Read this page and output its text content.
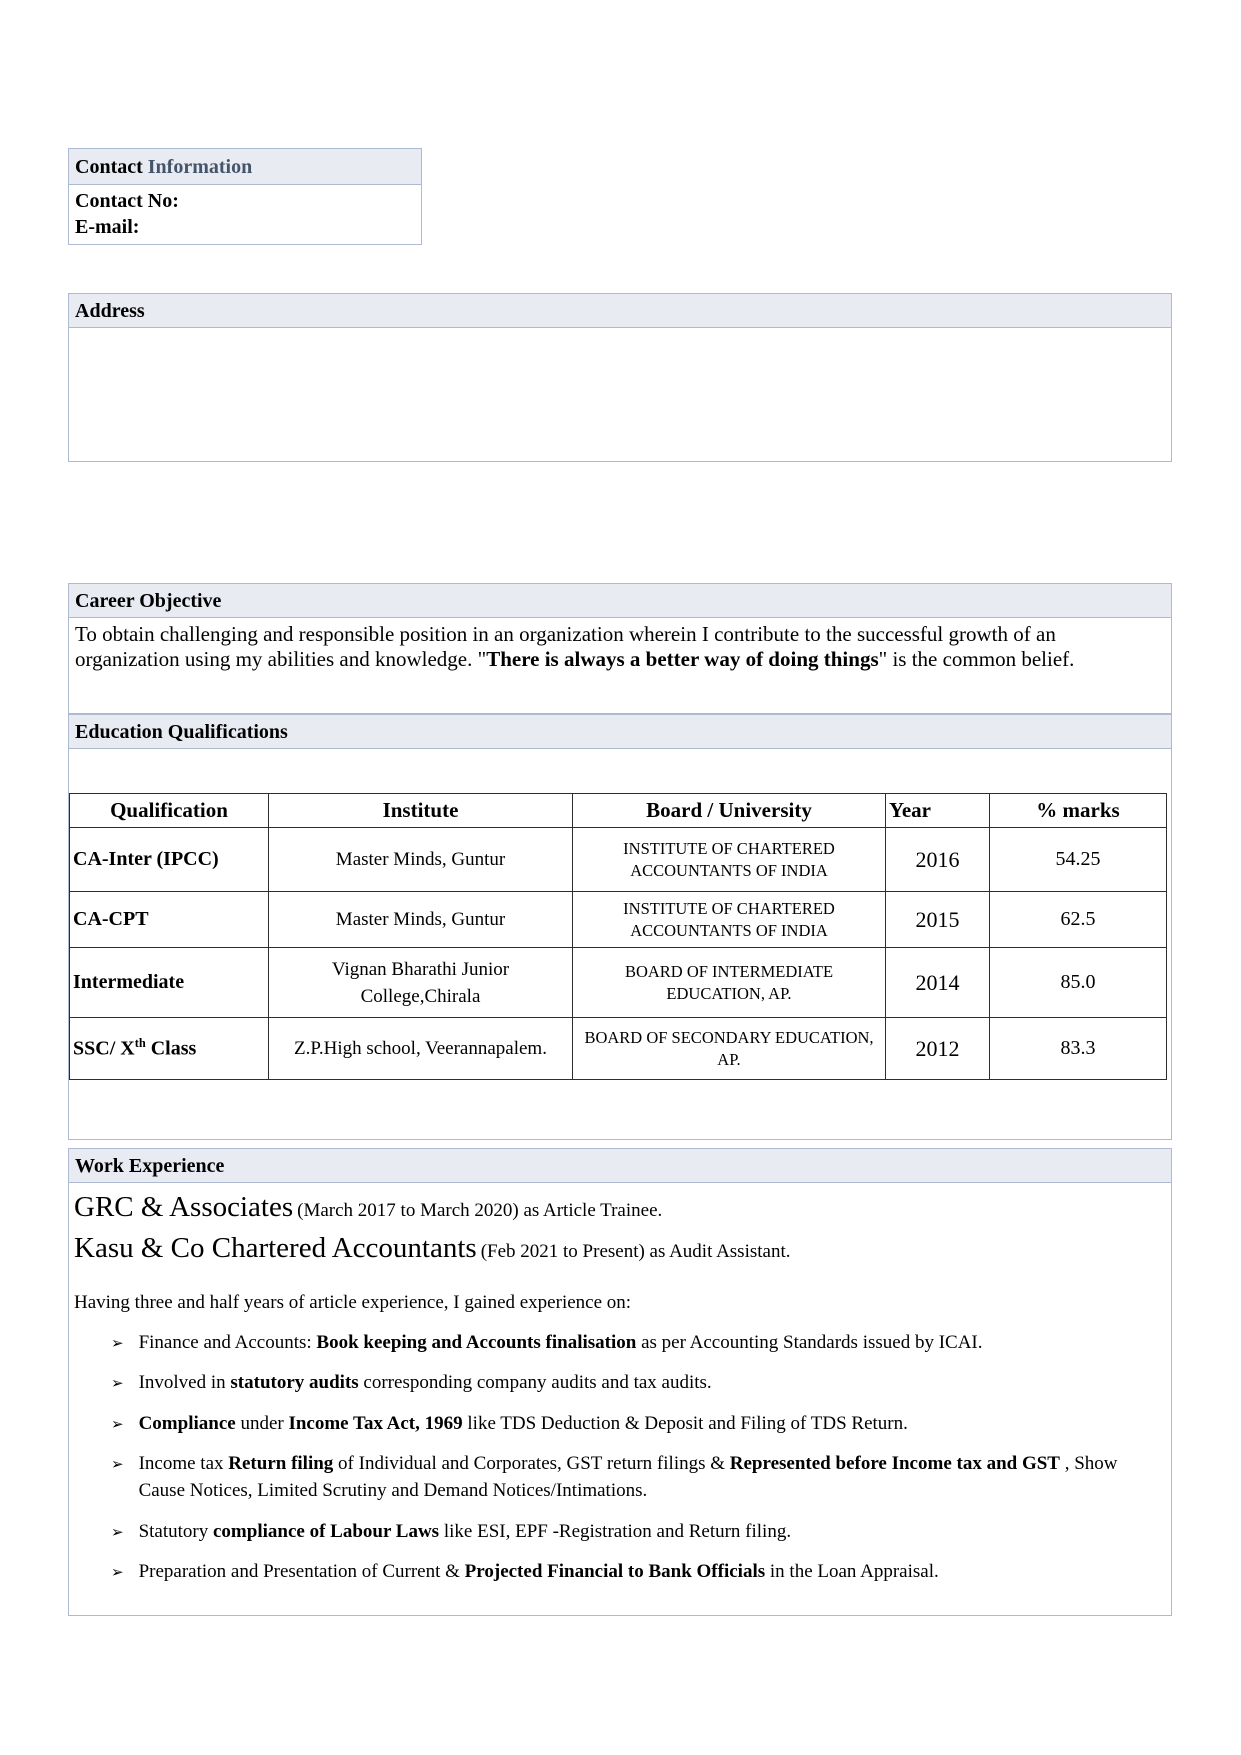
Contact Information
Contact No:
E-mail:
Address
Career Objective
To obtain challenging and responsible position in an organization wherein I contribute to the successful growth of an organization using my abilities and knowledge. "There is always a better way of doing things" is the common belief.
Education Qualifications
Qualification	Institute	Board / University	Year	% marks
CA-Inter (IPCC)	Master Minds, Guntur	INSTITUTE OF CHARTERED ACCOUNTANTS OF INDIA	2016	54.25
CA-CPT	Master Minds, Guntur	INSTITUTE OF CHARTERED ACCOUNTANTS OF INDIA	2015	62.5
Intermediate	Vignan Bharathi Junior College,Chirala	BOARD OF INTERMEDIATE EDUCATION, AP.	2014	85.0
SSC/ Xth Class	Z.P.High school, Veerannapalem.	BOARD OF SECONDARY EDUCATION, AP.	2012	83.3
Work Experience

GRC & Associates (March 2017 to March 2020) as Article Trainee.

Kasu & Co Chartered Accountants (Feb 2021 to Present) as Audit Assistant.

Having three and half years of article experience, I gained experience on:

➢ Finance and Accounts: Book keeping and Accounts finalisation as per Accounting Standards issued by ICAI.
➢ Involved in statutory audits corresponding company audits and tax audits.
➢ Compliance under Income Tax Act, 1969 like TDS Deduction & Deposit and Filing of TDS Return.
➢ Income tax Return filing of Individual and Corporates, GST return filings & Represented before Income tax and GST , Show Cause Notices, Limited Scrutiny and Demand Notices/Intimations.
➢ Statutory compliance of Labour Laws like ESI, EPF -Registration and Return filing.
➢ Preparation and Presentation of Current & Projected Financial to Bank Officials in the Loan Appraisal.
